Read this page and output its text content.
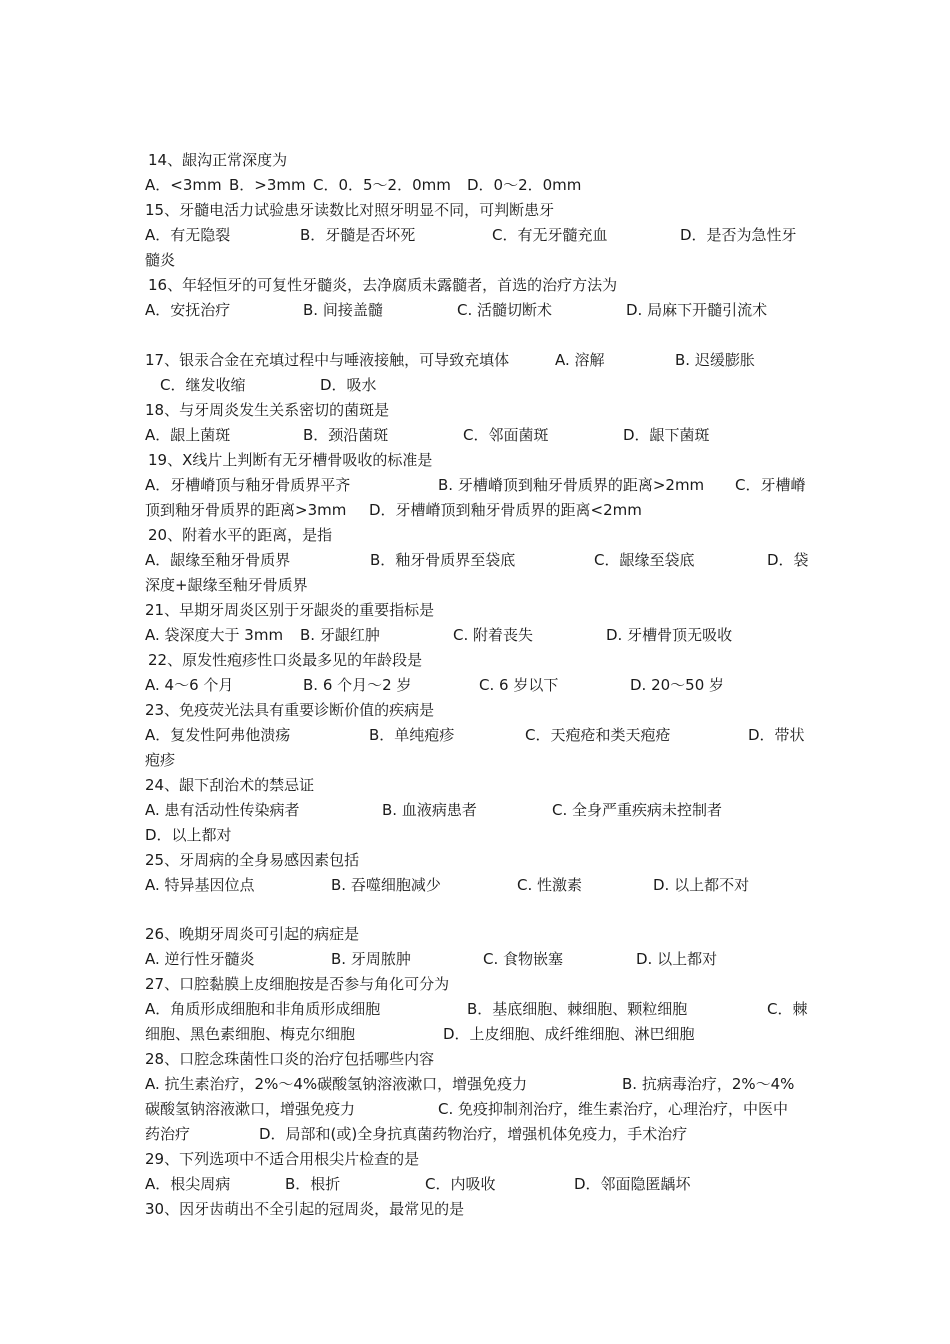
14、龈沟正常深度为
A．<3mm B．>3mm C．0．5～2．0mm D．0～2．0mm
15、牙髓电活力试验患牙读数比对照牙明显不同，可判断患牙
A．有无隐裂	B．牙髓是否坏死	C．有无牙髓充血	D．是否为急性牙
髓炎
16、年轻恒牙的可复性牙髓炎，去净腐质未露髓者，首选的治疗方法为
A．安抚治疗	B. 间接盖髓	C. 活髓切断术	D. 局麻下开髓引流术
17、银汞合金在充填过程中与唾液接触，可导致充填体	A. 溶解	B. 迟缓膨胀
C．继发收缩	D．吸水
18、与牙周炎发生关系密切的菌斑是
A．龈上菌斑	B．颈沿菌斑	C．邻面菌斑	D．龈下菌斑
19、X线片上判断有无牙槽骨吸收的标准是
A．牙槽嵴顶与釉牙骨质界平齐	B. 牙槽嵴顶到釉牙骨质界的距离>2mm C．牙槽嵴
顶到釉牙骨质界的距离>3mm D．牙槽嵴顶到釉牙骨质界的距离<2mm
20、附着水平的距离，是指
A．龈缘至釉牙骨质界	B．釉牙骨质界至袋底	C．龈缘至袋底	D．袋
深度+龈缘至釉牙骨质界
21、早期牙周炎区别于牙龈炎的重要指标是
A. 袋深度大于 3mm B. 牙龈红肿	C. 附着丧失	D. 牙槽骨顶无吸收
22、原发性疱疹性口炎最多见的年龄段是
A. 4～6 个月	B. 6 个月～2 岁	C. 6 岁以下	D. 20～50 岁
23、免疫荧光法具有重要诊断价值的疾病是
A．复发性阿弗他溃疡	B．单纯疱疹	C．天疱疮和类天疱疮	D．带状
疱疹
24、龈下刮治术的禁忌证
A. 患有活动性传染病者	B. 血液病患者	C. 全身严重疾病未控制者
D．以上都对
25、牙周病的全身易感因素包括
A. 特异基因位点	B. 吞噬细胞减少	C. 性激素	D. 以上都不对
26、晚期牙周炎可引起的病症是
A. 逆行性牙髓炎	B. 牙周脓肿	C. 食物嵌塞	D. 以上都对
27、口腔黏膜上皮细胞按是否参与角化可分为
A．角质形成细胞和非角质形成细胞	B．基底细胞、棘细胞、颗粒细胞	C．棘
细胞、黑色素细胞、梅克尔细胞	D．上皮细胞、成纤维细胞、淋巴细胞
28、口腔念珠菌性口炎的治疗包括哪些内容
A. 抗生素治疗，2%～4%碳酸氢钠溶液漱口，增强免疫力	B. 抗病毒治疗，2%～4%
碳酸氢钠溶液漱口，增强免疫力	C. 免疫抑制剂治疗，维生素治疗，心理治疗，中医中
药治疗	D．局部和(或)全身抗真菌药物治疗，增强机体免疫力，手术治疗
29、下列选项中不适合用根尖片检查的是
A．根尖周病	B．根折	C．内吸收	D．邻面隐匿龋坏
30、因牙齿萌出不全引起的冠周炎，最常见的是
